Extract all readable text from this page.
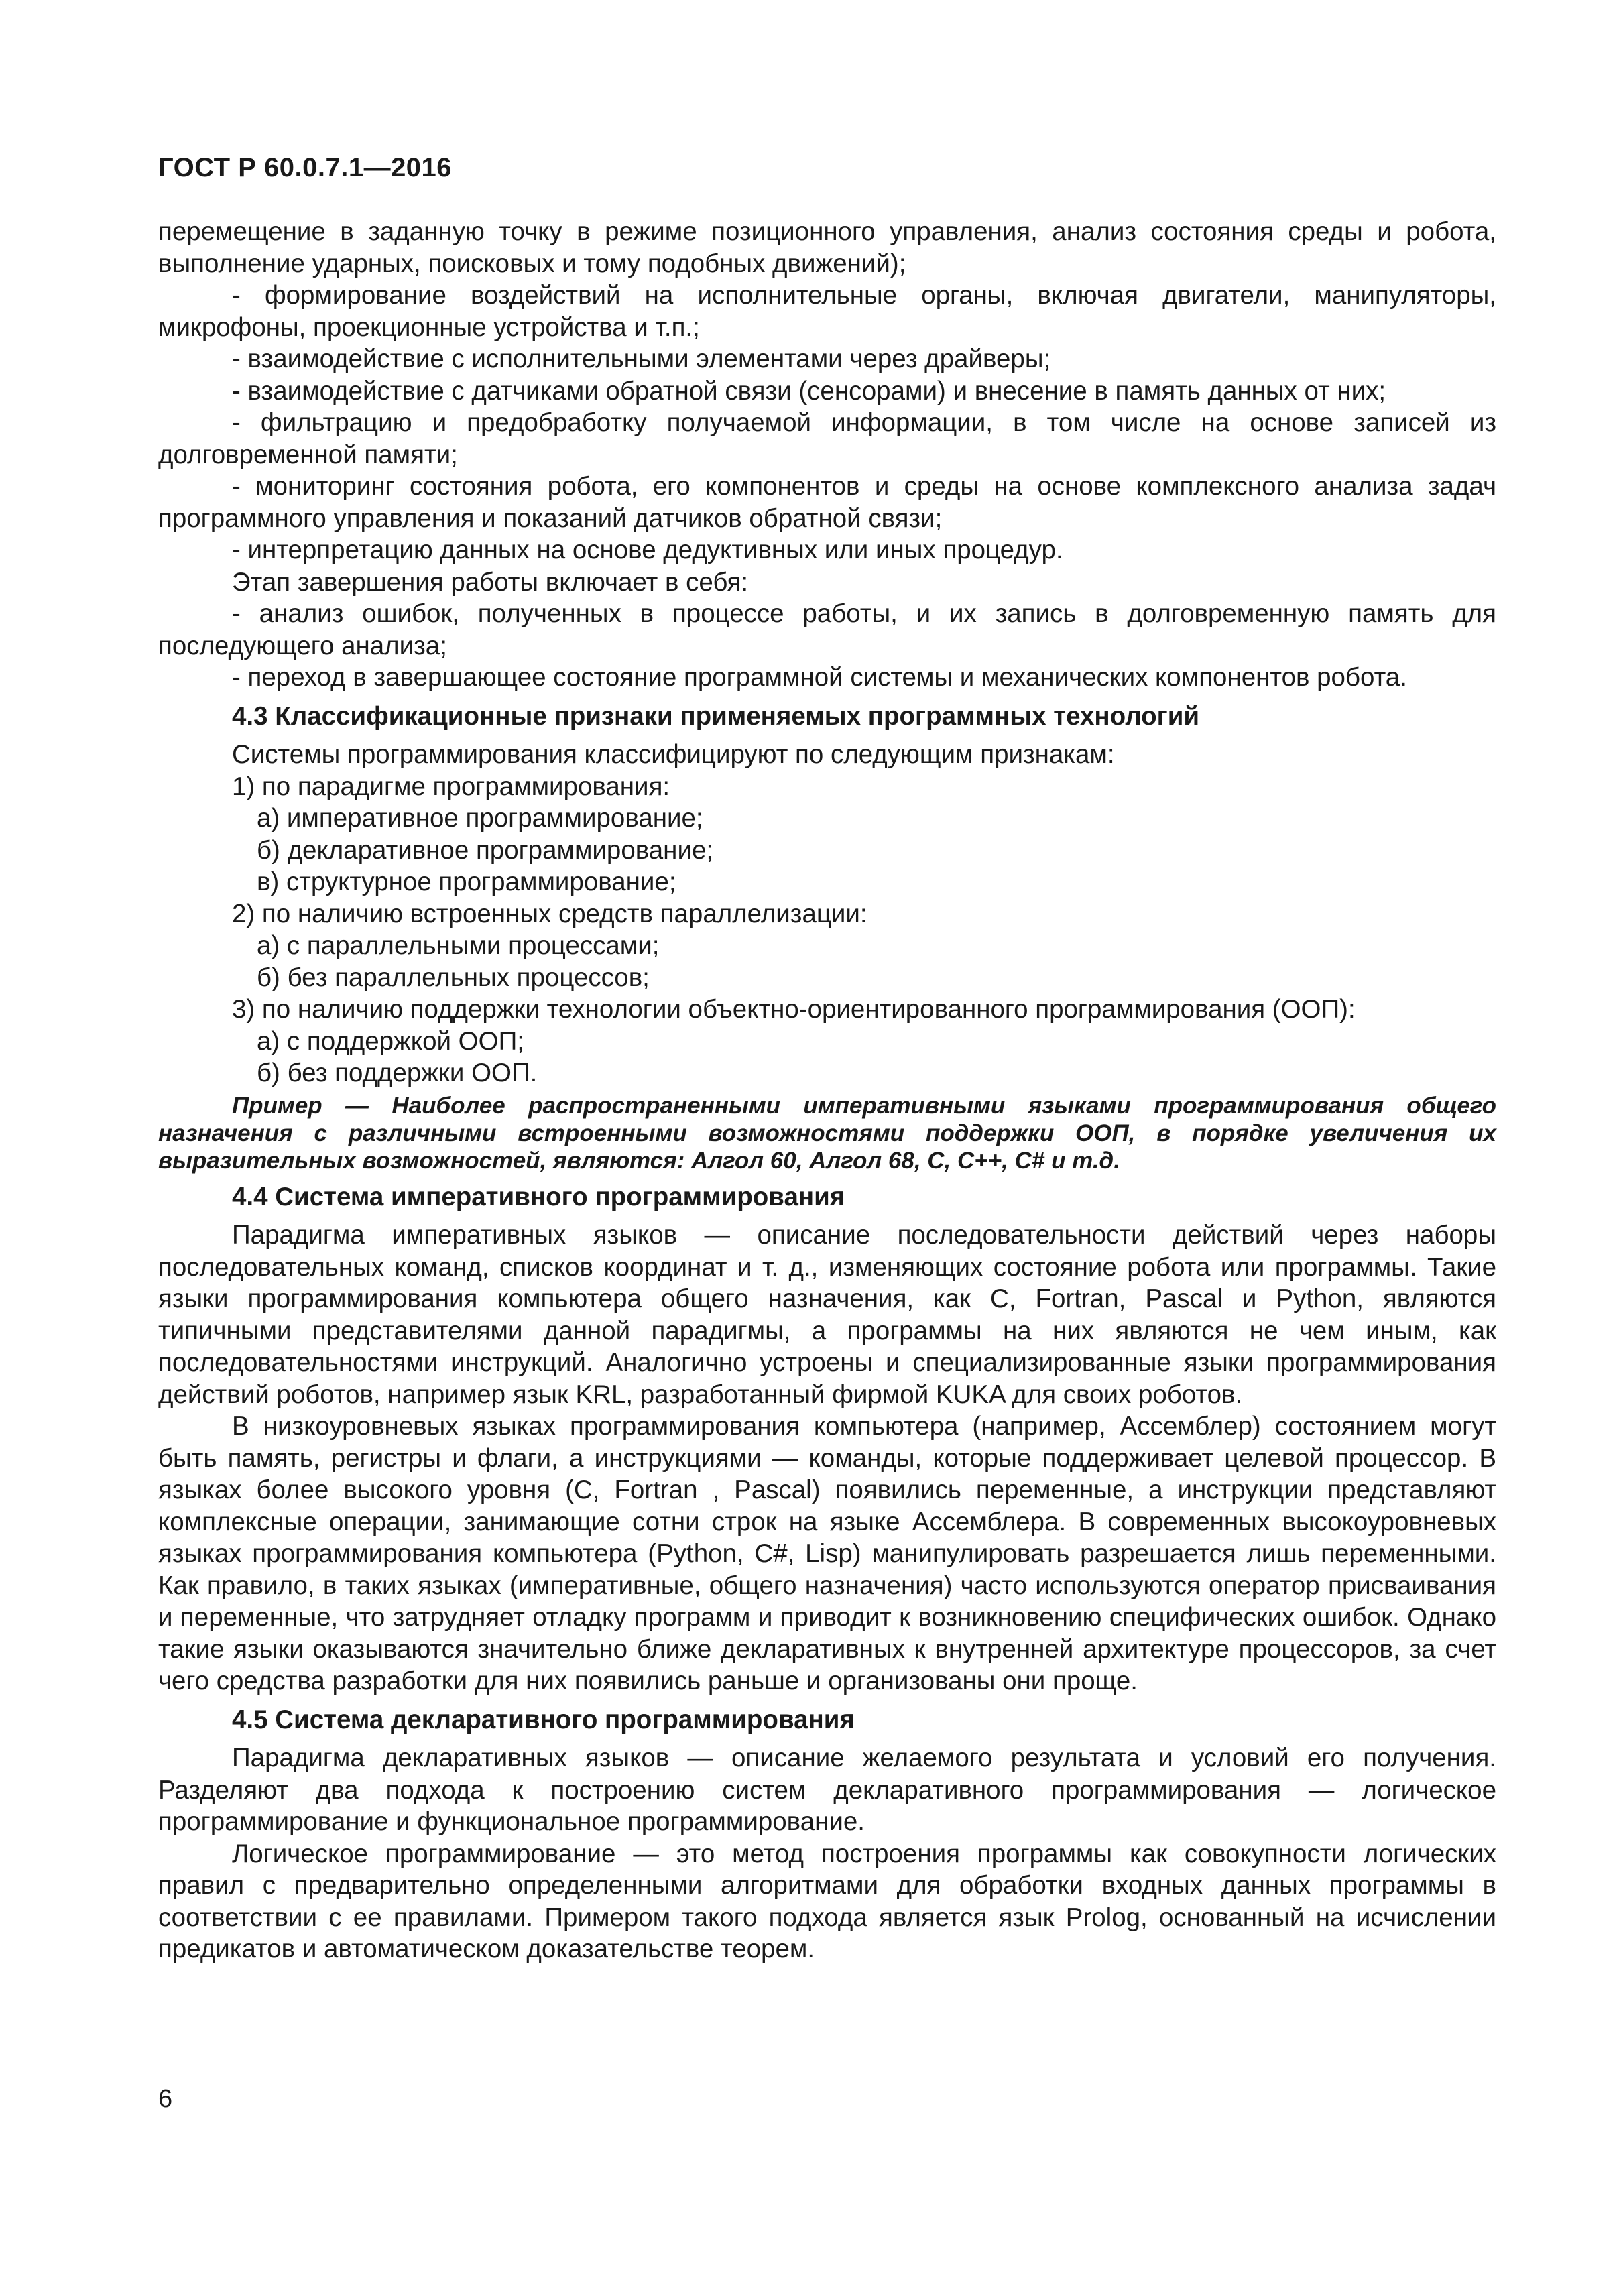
ГОСТ Р 60.0.7.1—2016

перемещение в заданную точку в режиме позиционного управления, анализ состояния среды и робота, выполнение ударных, поисковых и тому подобных движений);

- формирование воздействий на исполнительные органы, включая двигатели, манипуляторы, микрофоны, проекционные устройства и т.п.;

- взаимодействие с исполнительными элементами через драйверы;

- взаимодействие с датчиками обратной связи (сенсорами) и внесение в память данных от них;

- фильтрацию и предобработку получаемой информации, в том числе на основе записей из долговременной памяти;

- мониторинг состояния робота, его компонентов и среды на основе комплексного анализа задач программного управления и показаний датчиков обратной связи;

- интерпретацию данных на основе дедуктивных или иных процедур.

Этап завершения работы включает в себя:

- анализ ошибок, полученных в процессе работы, и их запись в долговременную память для последующего анализа;

- переход в завершающее состояние программной системы и механических компонентов робота.

4.3 Классификационные признаки применяемых программных технологий

Системы программирования классифицируют по следующим признакам:

1) по парадигме программирования:

а) императивное программирование;

б) декларативное программирование;

в) структурное программирование;

2) по наличию встроенных средств параллелизации:

а) с параллельными процессами;

б) без параллельных процессов;

3) по наличию поддержки технологии объектно-ориентированного программирования (ООП):

а) с поддержкой ООП;

б) без поддержки ООП.

Пример — Наиболее распространенными императивными языками программирования общего назначения с различными встроенными возможностями поддержки ООП, в порядке увеличения их выразительных возможностей, являются: Алгол 60, Алгол 68, С, С++, С# и т.д.

4.4 Система императивного программирования

Парадигма императивных языков — описание последовательности действий через наборы последовательных команд, списков координат и т. д., изменяющих состояние робота или программы. Такие языки программирования компьютера общего назначения, как C, Fortran, Pascal и Python, являются типичными представителями данной парадигмы, а программы на них являются не чем иным, как последовательностями инструкций. Аналогично устроены и специализированные языки программирования действий роботов, например язык KRL, разработанный фирмой KUKA для своих роботов.

В низкоуровневых языках программирования компьютера (например, Ассемблер) состоянием могут быть память, регистры и флаги, а инструкциями — команды, которые поддерживает целевой процессор. В языках более высокого уровня (C, Fortran , Pascal) появились переменные, а инструкции представляют комплексные операции, занимающие сотни строк на языке Ассемблера. В современных высокоуровневых языках программирования компьютера (Python, С#, Lisp) манипулировать разрешается лишь переменными. Как правило, в таких языках (императивные, общего назначения) часто используются оператор присваивания и переменные, что затрудняет отладку программ и приводит к возникновению специфических ошибок. Однако такие языки оказываются значительно ближе декларативных к внутренней архитектуре процессоров, за счет чего средства разработки для них появились раньше и организованы они проще.

4.5 Система декларативного программирования

Парадигма декларативных языков — описание желаемого результата и условий его получения. Разделяют два подхода к построению систем декларативного программирования — логическое программирование и функциональное программирование.

Логическое программирование — это метод построения программы как совокупности логических правил с предварительно определенными алгоритмами для обработки входных данных программы в соответствии с ее правилами. Примером такого подхода является язык Prolog, основанный на исчислении предикатов и автоматическом доказательстве теорем.

6
